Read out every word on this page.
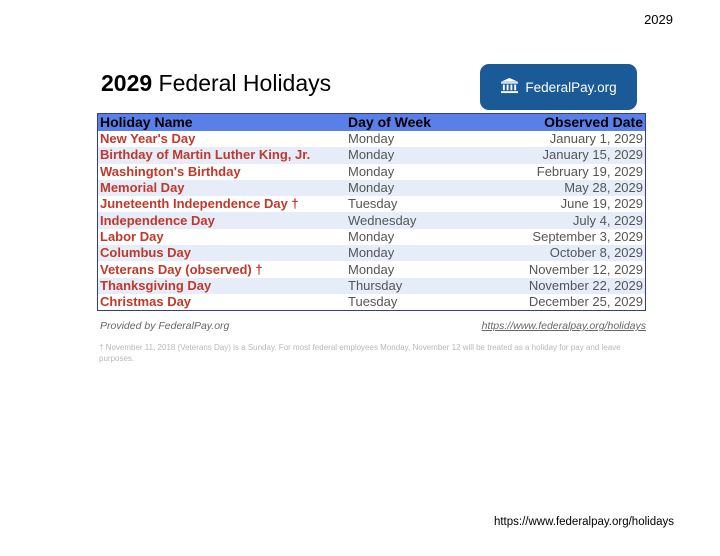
2029
2029 Federal Holidays	FederalPay.org
Holiday Name	Day of Week	Observed Date
New Year's Day	Monday	January 1, 2029
Birthday of Martin Luther King, Jr.	Monday	January 15, 2029
Washington's Birthday	Monday	February 19, 2029
Memorial Day	Monday	May 28, 2029
Juneteenth Independence Day †	Tuesday	June 19, 2029
Independence Day	Wednesday	July 4, 2029
Labor Day	Monday	September 3, 2029
Columbus Day	Monday	October 8, 2029
Veterans Day (observed) †	Monday	November 12, 2029
Thanksgiving Day	Thursday	November 22, 2029
Christmas Day	Tuesday	December 25, 2029
Provided by FederalPay.org	https://www.federalpay.org/holidays
† November 11, 2018 (Veterans Day) is a Sunday. For most federal employees Monday, November 12 will be treated as a holiday for pay and leave purposes.
https://www.federalpay.org/holidays
